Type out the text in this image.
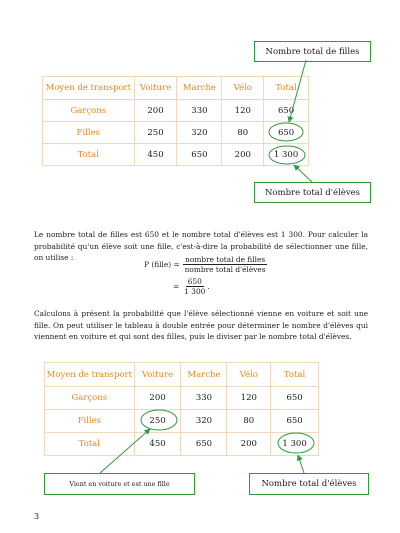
Moyen de transport	Voiture	Marche	Vélo	Total
Garçons	200	330	120	650
Filles	250	320	80	650
Total	450	650	200	1 300
Nombre total de filles
Nombre total d'élèves
Le nombre total de filles est 650 et le nombre total d'élèves est 1 300. Pour calculer la probabilité qu'un élève soit une fille, c'est-à-dire la probabilité de sélectionner une fille, on utilise :
P (fille) = $\frac{\text{nombre total de filles}}{\text{nombre total d'élèves}}$
= $\frac{650}{1 300}$ .
Calculons à présent la probabilité que l'élève sélectionné vienne en voiture et soit une fille. On peut utiliser le tableau à double entrée pour déterminer le nombre d'élèves qui viennent en voiture et qui sont des filles, puis le diviser par le nombre total d'élèves.
Moyen de transport	Voiture	Marche	Vélo	Total
Garçons	200	330	120	650
Filles	250	320	80	650
Total	450	650	200	1 300
Vient en voiture et est une fille	Nombre total d'élèves
3
